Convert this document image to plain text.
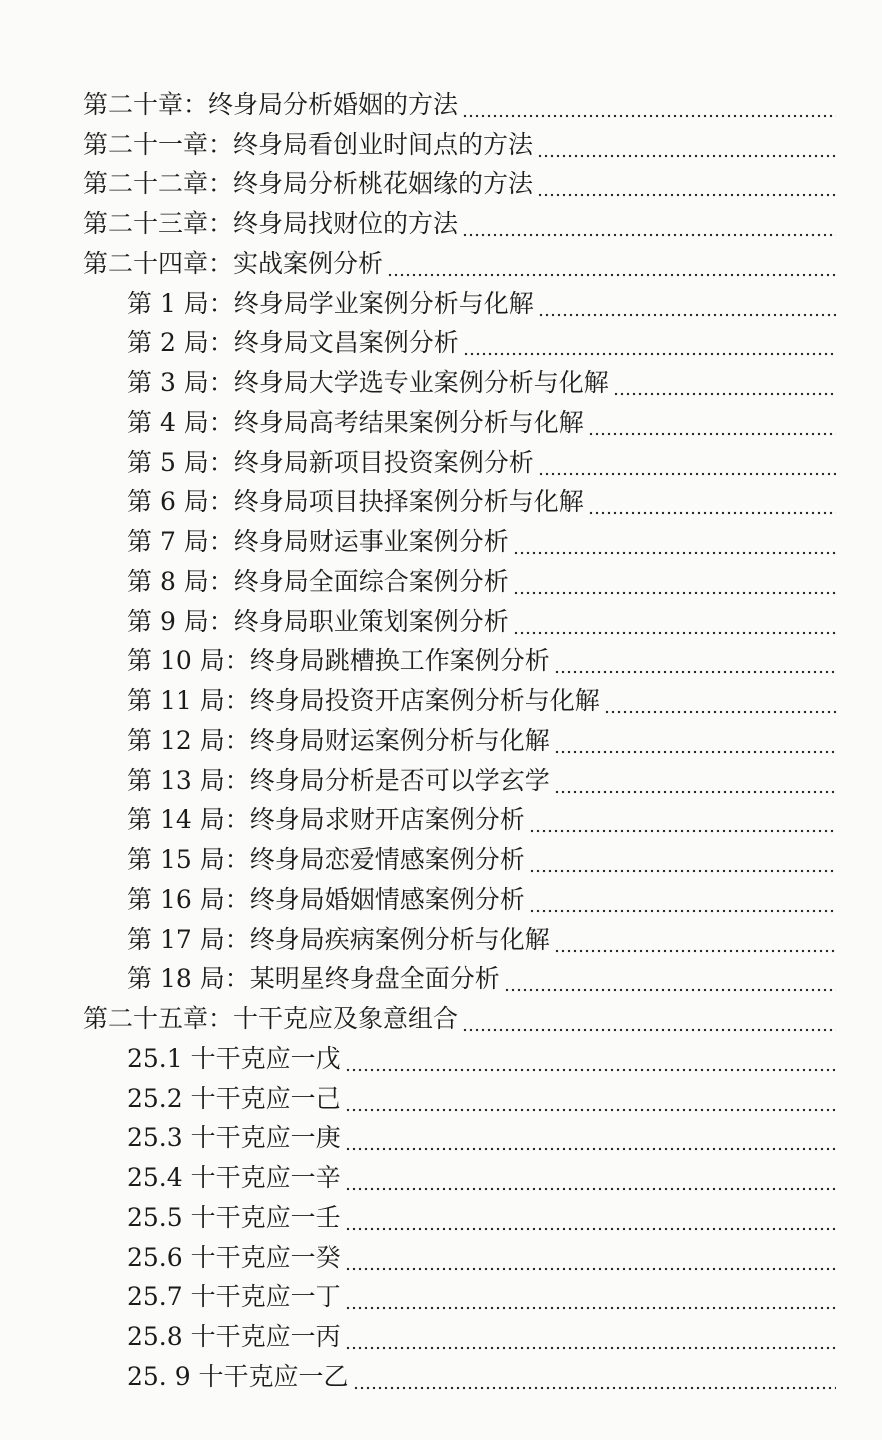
第二十章：终身局分析婚姻的方法
第二十一章：终身局看创业时间点的方法
第二十二章：终身局分析桃花姻缘的方法
第二十三章：终身局找财位的方法
第二十四章：实战案例分析
第 1 局：终身局学业案例分析与化解
第 2 局：终身局文昌案例分析
第 3 局：终身局大学选专业案例分析与化解
第 4 局：终身局高考结果案例分析与化解
第 5 局：终身局新项目投资案例分析
第 6 局：终身局项目抉择案例分析与化解
第 7 局：终身局财运事业案例分析
第 8 局：终身局全面综合案例分析
第 9 局：终身局职业策划案例分析
第 10 局：终身局跳槽换工作案例分析
第 11 局：终身局投资开店案例分析与化解
第 12 局：终身局财运案例分析与化解
第 13 局：终身局分析是否可以学玄学
第 14 局：终身局求财开店案例分析
第 15 局：终身局恋爱情感案例分析
第 16 局：终身局婚姻情感案例分析
第 17 局：终身局疾病案例分析与化解
第 18 局：某明星终身盘全面分析
第二十五章：十干克应及象意组合
25.1 十干克应一戊
25.2 十干克应一己
25.3 十干克应一庚
25.4 十干克应一辛
25.5 十干克应一壬
25.6 十干克应一癸
25.7 十干克应一丁
25.8 十干克应一丙
25. 9 十干克应一乙
